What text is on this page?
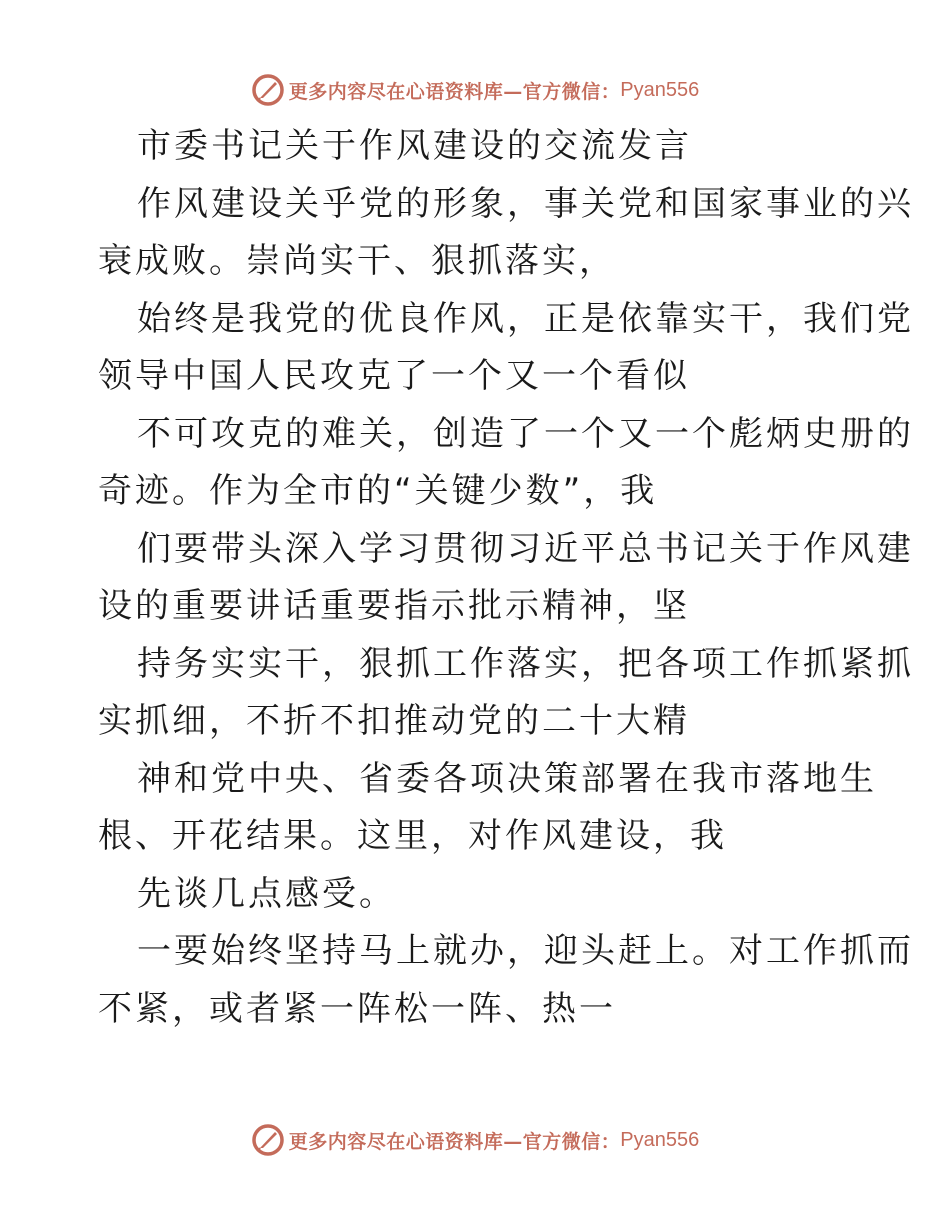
更多内容尽在心语资料库—官方微信： Pyan556
市委书记关于作风建设的交流发言
作风建设关乎党的形象，事关党和国家事业的兴
衰成败。崇尚实干、狠抓落实，
始终是我党的优良作风，正是依靠实干，我们党
领导中国人民攻克了一个又一个看似
不可攻克的难关，创造了一个又一个彪炳史册的
奇迹。作为全市的“关键少数”，我
们要带头深入学习贯彻习近平总书记关于作风建
设的重要讲话重要指示批示精神，坚
持务实实干，狠抓工作落实，把各项工作抓紧抓
实抓细，不折不扣推动党的二十大精
神和党中央、省委各项决策部署在我市落地生
根、开花结果。这里，对作风建设，我
先谈几点感受。
一要始终坚持马上就办，迎头赶上。对工作抓而
不紧，或者紧一阵松一阵、热一
更多内容尽在心语资料库—官方微信： Pyan556
